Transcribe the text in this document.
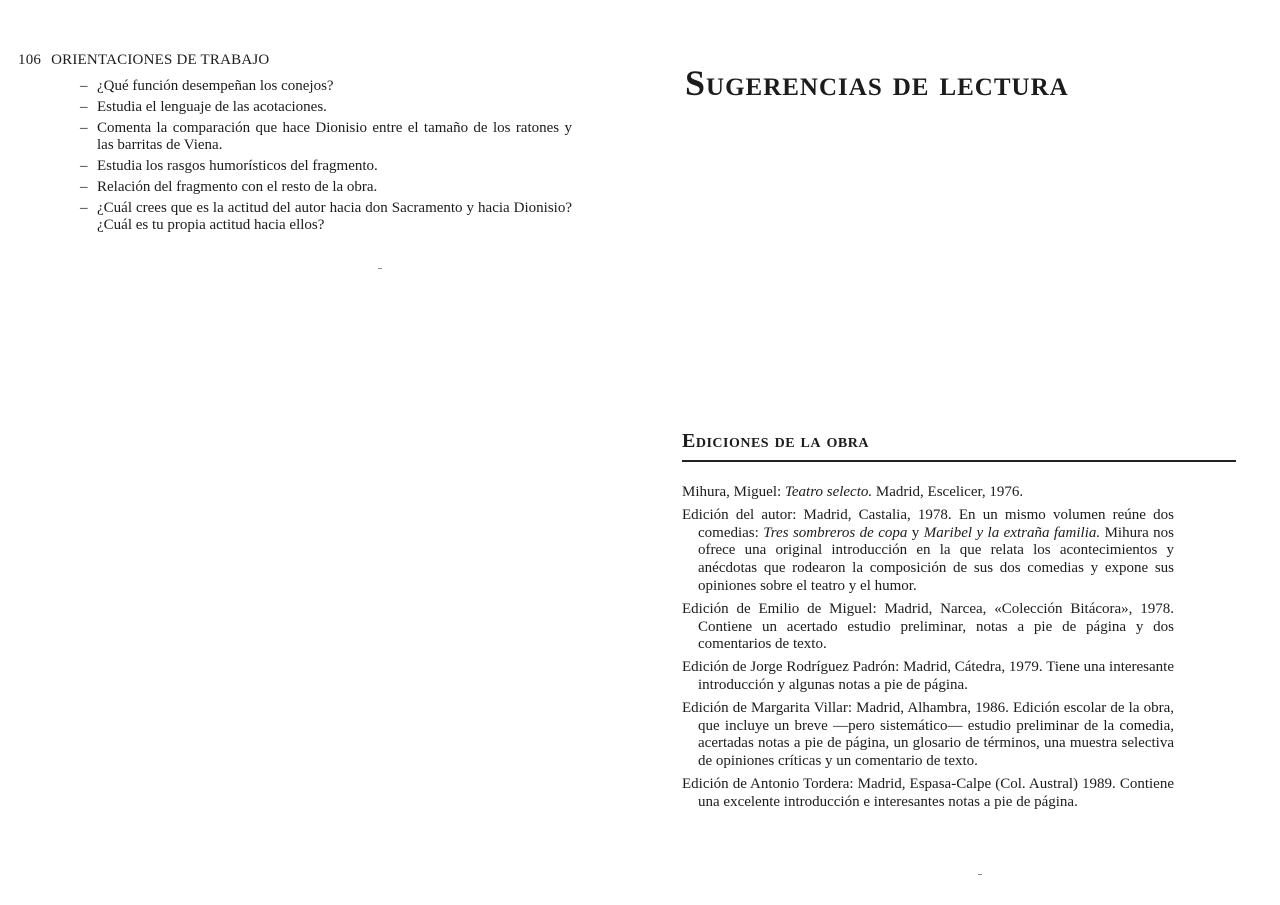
106 ORIENTACIONES DE TRABAJO
– ¿Qué función desempeñan los conejos?
– Estudia el lenguaje de las acotaciones.
– Comenta la comparación que hace Dionisio entre el tamaño de los ratones y las barritas de Viena.
– Estudia los rasgos humorísticos del fragmento.
– Relación del fragmento con el resto de la obra.
– ¿Cuál crees que es la actitud del autor hacia don Sacramento y hacia Dionisio? ¿Cuál es tu propia actitud hacia ellos?
Sugerencias de lectura
Ediciones de la obra
Mihura, Miguel: Teatro selecto. Madrid, Escelicer, 1976.
Edición del autor: Madrid, Castalia, 1978. En un mismo volumen reúne dos comedias: Tres sombreros de copa y Maribel y la extraña familia. Mihura nos ofrece una original introducción en la que relata los acontecimientos y anécdotas que rodearon la composición de sus dos comedias y expone sus opiniones sobre el teatro y el humor.
Edición de Emilio de Miguel: Madrid, Narcea, «Colección Bitácora», 1978. Contiene un acertado estudio preliminar, notas a pie de página y dos comentarios de texto.
Edición de Jorge Rodríguez Padrón: Madrid, Cátedra, 1979. Tiene una interesante introducción y algunas notas a pie de página.
Edición de Margarita Villar: Madrid, Alhambra, 1986. Edición escolar de la obra, que incluye un breve —pero sistemático— estudio preliminar de la comedia, acertadas notas a pie de página, un glosario de términos, una muestra selectiva de opiniones críticas y un comentario de texto.
Edición de Antonio Tordera: Madrid, Espasa-Calpe (Col. Austral) 1989. Contiene una excelente introducción e interesantes notas a pie de página.
